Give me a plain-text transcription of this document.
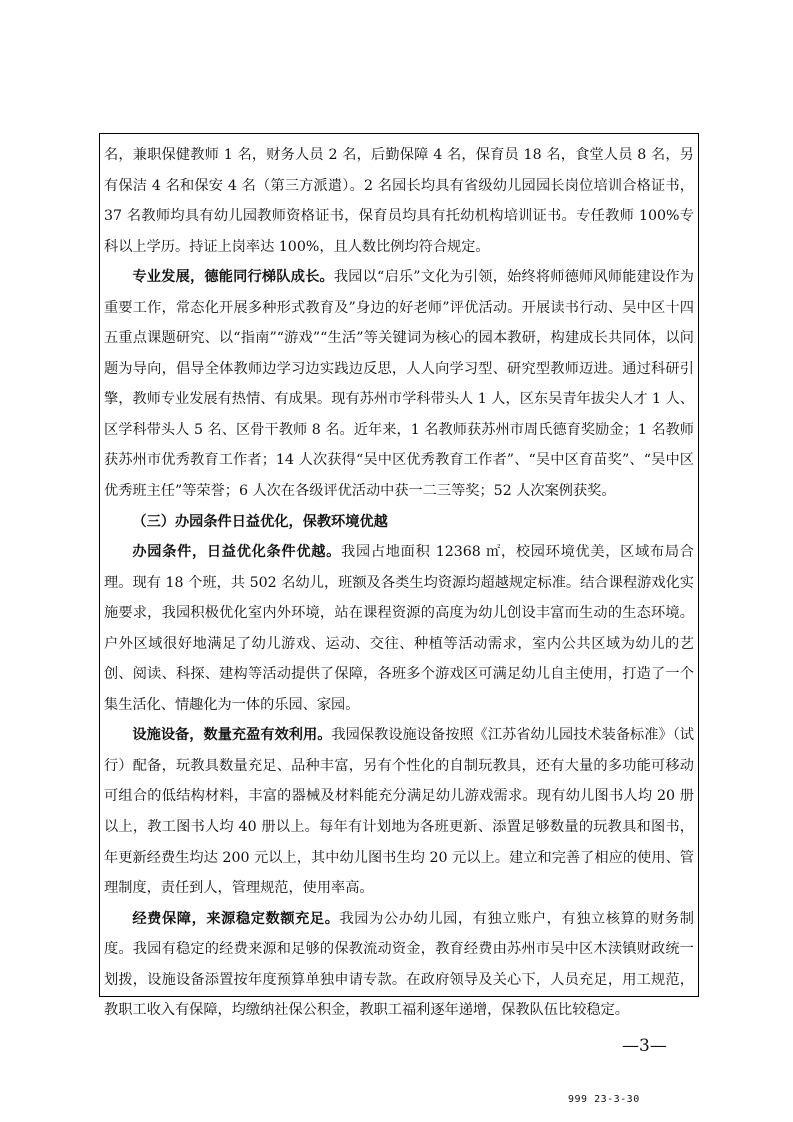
名，兼职保健教师 1 名，财务人员 2 名，后勤保障 4 名，保育员 18 名，食堂人员 8 名，另有保洁 4 名和保安 4 名（第三方派遣）。2 名园长均具有省级幼儿园园长岗位培训合格证书，37 名教师均具有幼儿园教师资格证书，保育员均具有托幼机构培训证书。专任教师 100%专科以上学历。持证上岗率达 100%，且人数比例均符合规定。

专业发展，德能同行梯队成长。我园以“启乐”文化为引领，始终将师德师风师能建设作为重要工作，常态化开展多种形式教育及”身边的好老师”评优活动。开展读书行动、吴中区十四五重点课题研究、以“指南”“游戏”“生活”等关键词为核心的园本教研，构建成长共同体，以问题为导向，倡导全体教师边学习边实践边反思，人人向学习型、研究型教师迈进。通过科研引擎，教师专业发展有热情、有成果。现有苏州市学科带头人 1 人，区东吴青年拔尖人才 1 人、区学科带头人 5 名、区骨干教师 8 名。近年来，1 名教师获苏州市周氏德育奖励金；1 名教师获苏州市优秀教育工作者；14 人次获得“吴中区优秀教育工作者”、“吴中区育苗奖”、“吴中区优秀班主任”等荣誉；6 人次在各级评优活动中获一二三等奖；52 人次案例获奖。

（三）办园条件日益优化，保教环境优越

办园条件，日益优化条件优越。我园占地面积 12368 ㎡，校园环境优美，区域布局合理。现有 18 个班，共 502 名幼儿，班额及各类生均资源均超越规定标准。结合课程游戏化实施要求，我园积极优化室内外环境，站在课程资源的高度为幼儿创设丰富而生动的生态环境。户外区域很好地满足了幼儿游戏、运动、交往、种植等活动需求，室内公共区域为幼儿的艺创、阅读、科探、建构等活动提供了保障，各班多个游戏区可满足幼儿自主使用，打造了一个集生活化、情趣化为一体的乐园、家园。

设施设备，数量充盈有效利用。我园保教设施设备按照《江苏省幼儿园技术装备标准》（试行）配备，玩教具数量充足、品种丰富，另有个性化的自制玩教具，还有大量的多功能可移动可组合的低结构材料，丰富的器械及材料能充分满足幼儿游戏需求。现有幼儿图书人均 20 册以上，教工图书人均 40 册以上。每年有计划地为各班更新、添置足够数量的玩教具和图书，年更新经费生均达 200 元以上，其中幼儿图书生均 20 元以上。建立和完善了相应的使用、管理制度，责任到人，管理规范，使用率高。

经费保障，来源稳定数额充足。我园为公办幼儿园，有独立账户，有独立核算的财务制度。我园有稳定的经费来源和足够的保教流动资金，教育经费由苏州市吴中区木渎镇财政统一划拨，设施设备添置按年度预算单独申请专款。在政府领导及关心下，人员充足，用工规范，教职工收入有保障，均缴纳社保公积金，教职工福利逐年递增，保教队伍比较稳定。

—3—
999 23-3-30
